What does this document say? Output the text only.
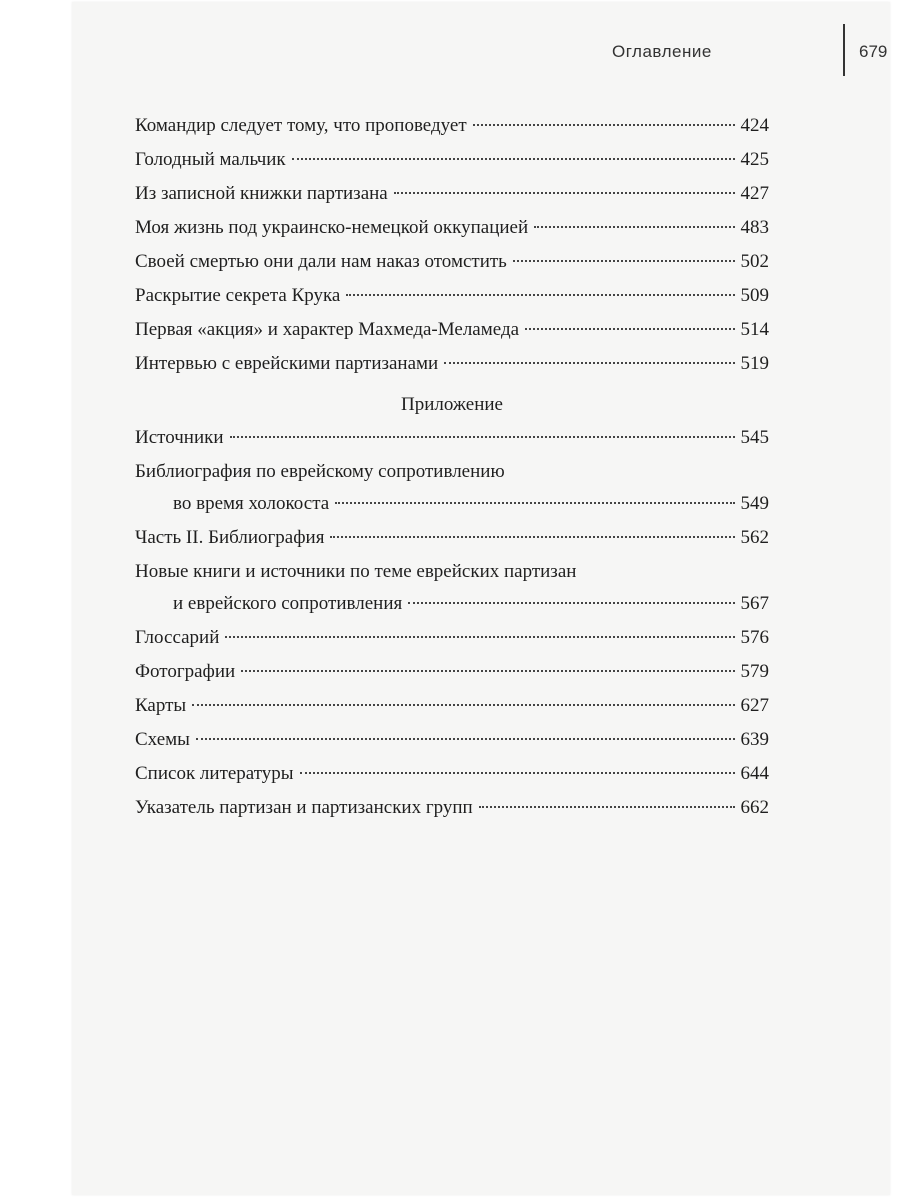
Оглавление	679
Командир следует тому, что проповедует	424
Голодный мальчик	425
Из записной книжки партизана	427
Моя жизнь под украинско-немецкой оккупацией	483
Своей смертью они дали нам наказ отомстить	502
Раскрытие секрета Крука	509
Первая «акция» и характер Махмеда-Меламеда	514
Интервью с еврейскими партизанами	519
Приложение
Источники	545
Библиография по еврейскому сопротивлению
во время холокоста	549
Часть II. Библиография	562
Новые книги и источники по теме еврейских партизан
и еврейского сопротивления	567
Глоссарий	576
Фотографии	579
Карты	627
Схемы	639
Список литературы	644
Указатель партизан и партизанских групп	662
